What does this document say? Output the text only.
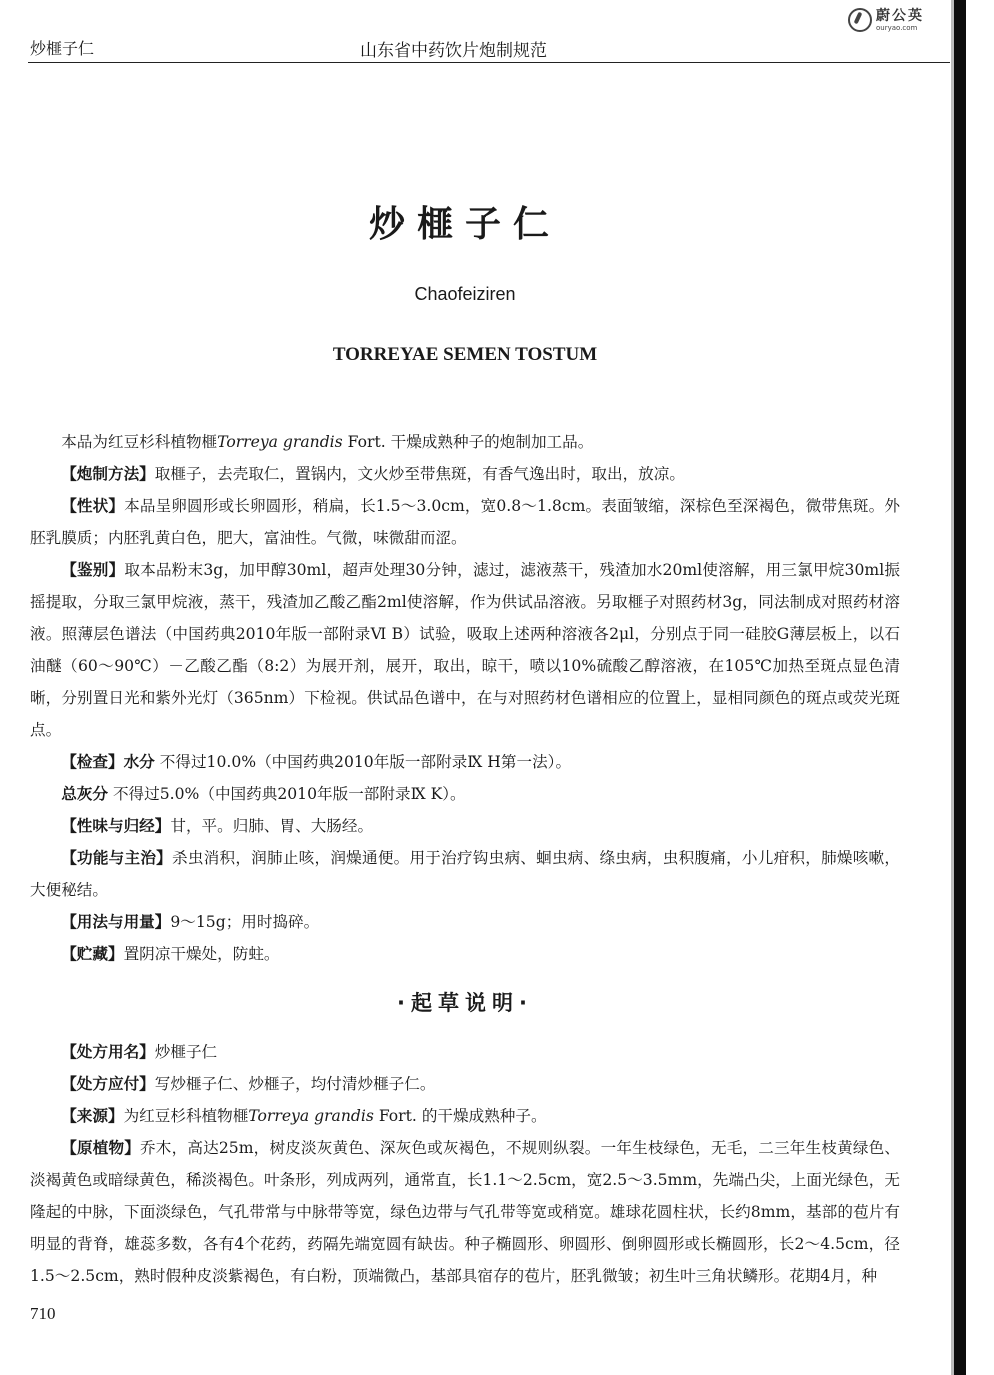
蔚公英
ouryao.com
炒榧子仁	山东省中药饮片炮制规范
炒榧子仁
Chaofeiziren
TORREYAE SEMEN TOSTUM

本品为红豆杉科植物榧Torreya grandis Fort. 干燥成熟种子的炮制加工品。

【炮制方法】取榧子，去壳取仁，置锅内，文火炒至带焦斑，有香气逸出时，取出，放凉。

【性状】本品呈卵圆形或长卵圆形，稍扁，长1.5～3.0cm，宽0.8～1.8cm。表面皱缩，深棕色至深褐色，微带焦斑。外胚乳膜质；内胚乳黄白色，肥大，富油性。气微，味微甜而涩。

【鉴别】取本品粉末3g，加甲醇30ml，超声处理30分钟，滤过，滤液蒸干，残渣加水20ml使溶解，用三氯甲烷30ml振摇提取，分取三氯甲烷液，蒸干，残渣加乙酸乙酯2ml使溶解，作为供试品溶液。另取榧子对照药材3g，同法制成对照药材溶液。照薄层色谱法（中国药典2010年版一部附录Ⅵ B）试验，吸取上述两种溶液各2μl，分别点于同一硅胶G薄层板上，以石油醚（60～90℃）－乙酸乙酯（8:2）为展开剂，展开，取出，晾干，喷以10%硫酸乙醇溶液，在105℃加热至斑点显色清晰，分别置日光和紫外光灯（365nm）下检视。供试品色谱中，在与对照药材色谱相应的位置上，显相同颜色的斑点或荧光斑点。

【检查】水分 不得过10.0%（中国药典2010年版一部附录Ⅸ H第一法）。

总灰分 不得过5.0%（中国药典2010年版一部附录Ⅸ K）。

【性味与归经】甘，平。归肺、胃、大肠经。

【功能与主治】杀虫消积，润肺止咳，润燥通便。用于治疗钩虫病、蛔虫病、绦虫病，虫积腹痛，小儿疳积，肺燥咳嗽，大便秘结。

【用法与用量】9～15g；用时捣碎。

【贮藏】置阴凉干燥处，防蛀。

·起草说明·

【处方用名】炒榧子仁

【处方应付】写炒榧子仁、炒榧子，均付清炒榧子仁。

【来源】为红豆杉科植物榧Torreya grandis Fort. 的干燥成熟种子。

【原植物】乔木，高达25m，树皮淡灰黄色、深灰色或灰褐色，不规则纵裂。一年生枝绿色，无毛，二三年生枝黄绿色、淡褐黄色或暗绿黄色，稀淡褐色。叶条形，列成两列，通常直，长1.1～2.5cm，宽2.5～3.5mm，先端凸尖，上面光绿色，无隆起的中脉，下面淡绿色，气孔带常与中脉带等宽，绿色边带与气孔带等宽或稍宽。雄球花圆柱状，长约8mm，基部的苞片有明显的背脊，雄蕊多数，各有4个花药，药隔先端宽圆有缺齿。种子椭圆形、卵圆形、倒卵圆形或长椭圆形，长2～4.5cm，径1.5～2.5cm，熟时假种皮淡紫褐色，有白粉，顶端微凸，基部具宿存的苞片，胚乳微皱；初生叶三角状鳞形。花期4月，种

710
